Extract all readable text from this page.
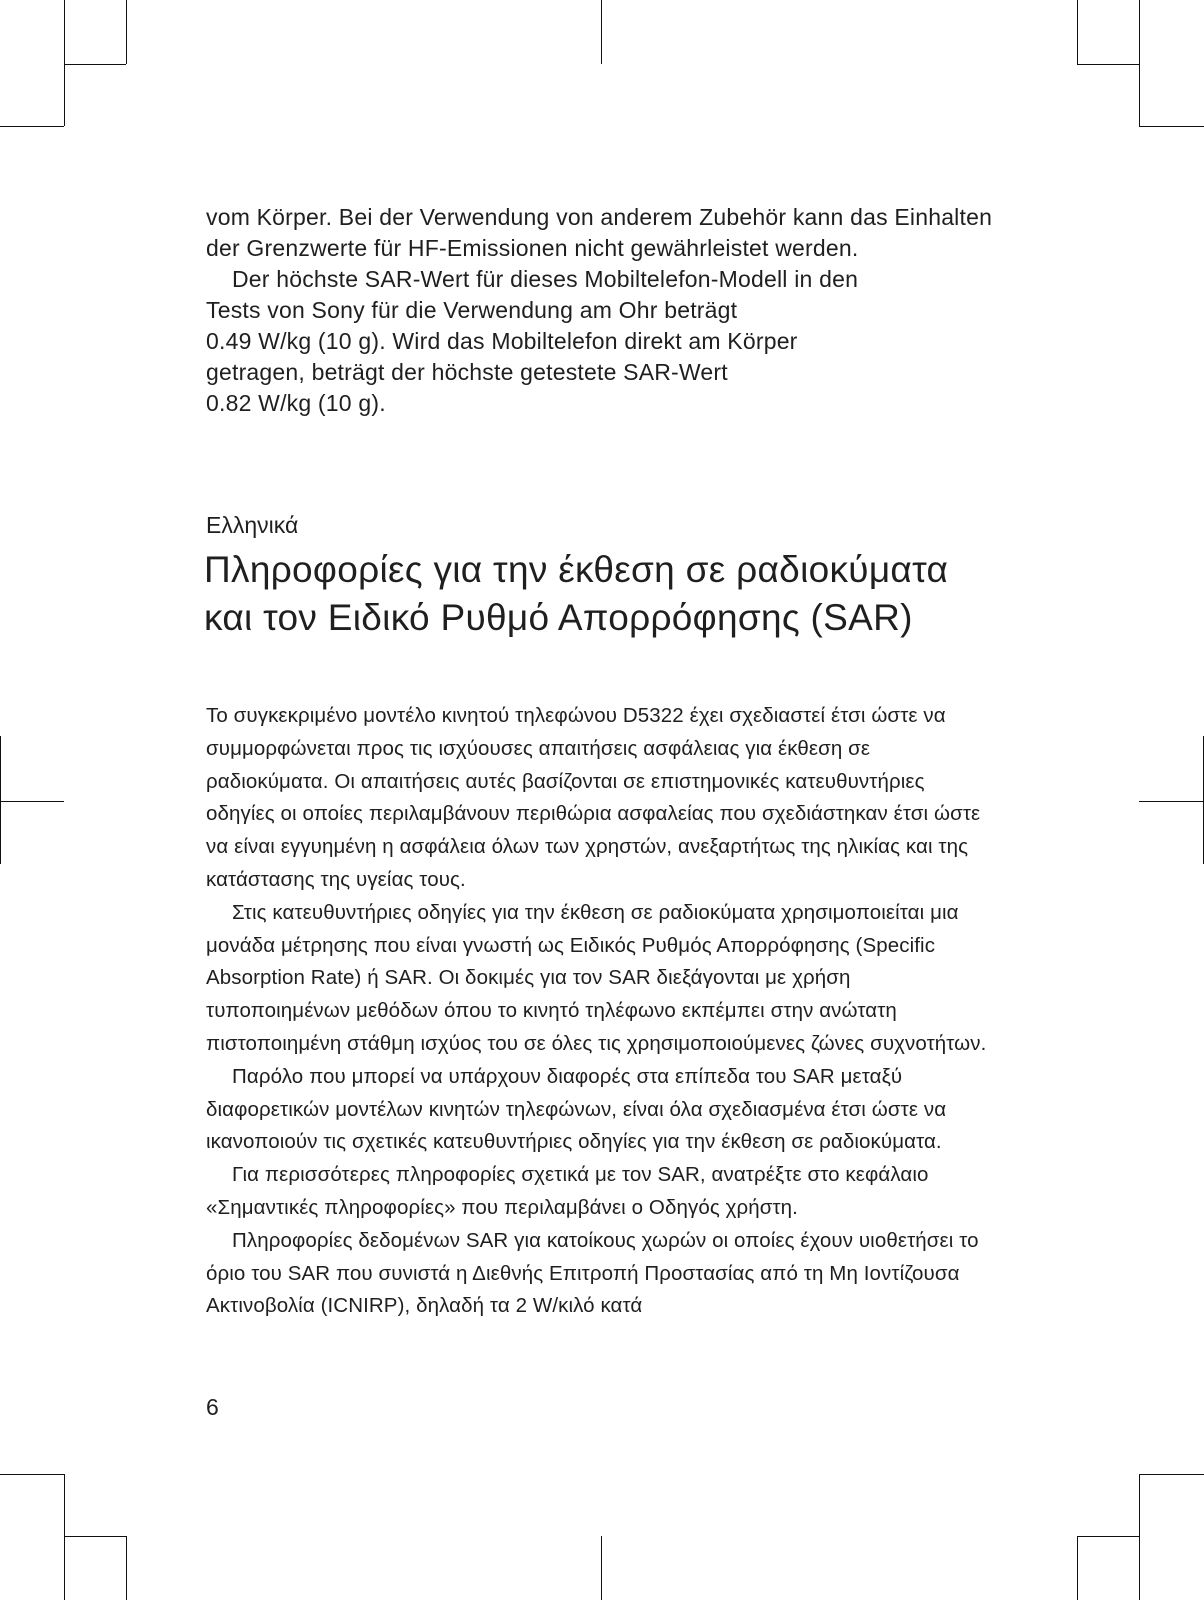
vom Körper. Bei der Verwendung von anderem Zubehör kann das Einhalten der Grenzwerte für HF-Emissionen nicht gewährleistet werden.

Der höchste SAR-Wert für dieses Mobiltelefon-Modell in den
Tests von Sony für die Verwendung am Ohr beträgt
0.49 W/kg (10 g). Wird das Mobiltelefon direkt am Körper
getragen, beträgt der höchste getestete SAR-Wert
0.82 W/kg (10 g).

Ελληνικά
Πληροφορίες για την έκθεση σε ραδιοκύματα και τον Ειδικό Ρυθμό Απορρόφησης (SAR)

Το συγκεκριμένο μοντέλο κινητού τηλεφώνου D5322 έχει σχεδιαστεί έτσι ώστε να συμμορφώνεται προς τις ισχύουσες απαιτήσεις ασφάλειας για έκθεση σε ραδιοκύματα. Οι απαιτήσεις αυτές βασίζονται σε επιστημονικές κατευθυντήριες οδηγίες οι οποίες περιλαμβάνουν περιθώρια ασφαλείας που σχεδιάστηκαν έτσι ώστε να είναι εγγυημένη η ασφάλεια όλων των χρηστών, ανεξαρτήτως της ηλικίας και της κατάστασης της υγείας τους.

Στις κατευθυντήριες οδηγίες για την έκθεση σε ραδιοκύματα χρησιμοποιείται μια μονάδα μέτρησης που είναι γνωστή ως Ειδικός Ρυθμός Απορρόφησης (Specific Absorption Rate) ή SAR. Οι δοκιμές για τον SAR διεξάγονται με χρήση τυποποιημένων μεθόδων όπου το κινητό τηλέφωνο εκπέμπει στην ανώτατη πιστοποιημένη στάθμη ισχύος του σε όλες τις χρησιμοποιούμενες ζώνες συχνοτήτων.

Παρόλο που μπορεί να υπάρχουν διαφορές στα επίπεδα του SAR μεταξύ διαφορετικών μοντέλων κινητών τηλεφώνων, είναι όλα σχεδιασμένα έτσι ώστε να ικανοποιούν τις σχετικές κατευθυντήριες οδηγίες για την έκθεση σε ραδιοκύματα.

Για περισσότερες πληροφορίες σχετικά με τον SAR, ανατρέξτε στο κεφάλαιο «Σημαντικές πληροφορίες» που περιλαμβάνει ο Οδηγός χρήστη.

Πληροφορίες δεδομένων SAR για κατοίκους χωρών οι οποίες έχουν υιοθετήσει το όριο του SAR που συνιστά η Διεθνής Επιτροπή Προστασίας από τη Μη Ιοντίζουσα Ακτινοβολία (ICNIRP), δηλαδή τα 2 W/κιλό κατά

6
